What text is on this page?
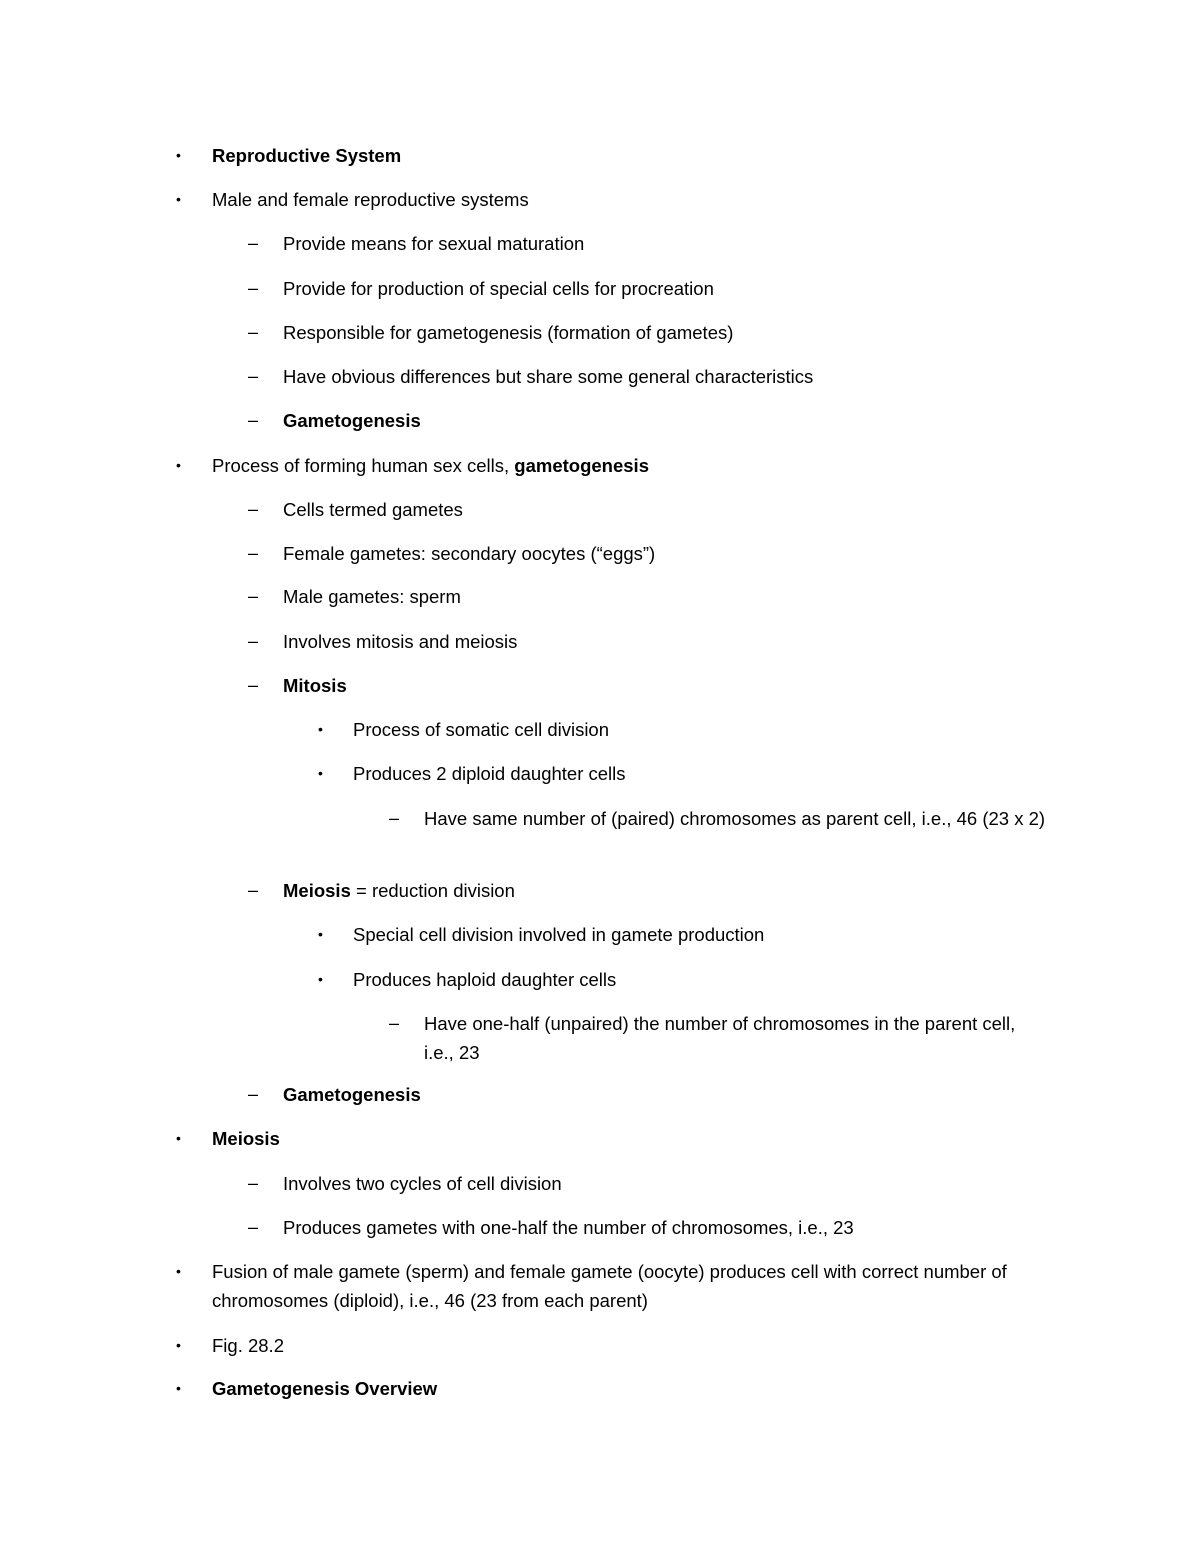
•	Reproductive System
•	Male and female reproductive systems
–	Provide means for sexual maturation
–	Provide for production of special cells for procreation
–	Responsible for gametogenesis (formation of gametes)
–	Have obvious differences but share some general characteristics
–	Gametogenesis
•	Process of forming human sex cells, gametogenesis
–	Cells termed gametes
–	Female gametes: secondary oocytes (“eggs”)
–	Male gametes: sperm
–	Involves mitosis and meiosis
–	Mitosis
•	Process of somatic cell division
•	Produces 2 diploid daughter cells
–	Have same number of (paired) chromosomes as parent cell, i.e., 46 (23 x 2)
–	Meiosis = reduction division
•	Special cell division involved in gamete production
•	Produces haploid daughter cells
–	Have one-half (unpaired) the number of chromosomes in the parent cell, i.e., 23
–	Gametogenesis
•	Meiosis
–	Involves two cycles of cell division
–	Produces gametes with one-half the number of chromosomes, i.e., 23
•	Fusion of male gamete (sperm) and female gamete (oocyte) produces cell with correct number of chromosomes (diploid), i.e., 46 (23 from each parent)
•	Fig. 28.2
•	Gametogenesis Overview
